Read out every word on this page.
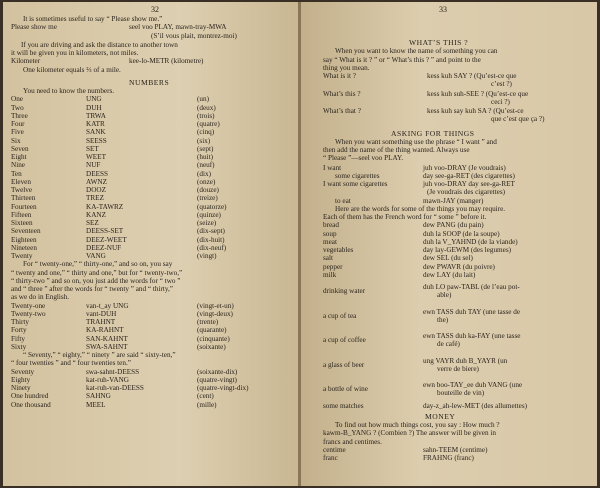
32
It is sometimes useful to say “ Please show me.”
Please show me	seel voo PLAY, mawn-tray-MWA
(S’il vous plait, montrez-moi)
If you are driving and ask the distance to another town
it will be given you in kilometers, not miles.
Kilometer	kee-lo-METR (kilometre)
One kilometer equals ⅔ of a mile.
NUMBERS
You need to know the numbers.
One	UNG	(un)
Two	DUH	(deux)
Three	TRWA	(trois)
Four	KATR	(quatre)
Five	SANK	(cinq)
Six	SEESS	(six)
Seven	SET	(sept)
Eight	WEET	(huit)
Nine	NUF	(neuf)
Ten	DEESS	(dix)
Eleven	AWNZ	(onze)
Twelve	DOOZ	(douze)
Thirteen	TREZ	(treize)
Fourteen	KA-TAWRZ	(quatorze)
Fifteen	KANZ	(quinze)
Sixteen	SEZ	(seize)
Seventeen	DEESS-SET	(dix-sept)
Eighteen	DEEZ-WEET	(dix-huit)
Nineteen	DEEZ-NUF	(dix-neuf)
Twenty	VANG	(vingt)
For “ twenty-one,” “ thirty-one,” and so on, you say
“ twenty and one,” “ thirty and one,” but for “ twenty-two,”
“ thirty-two ” and so on, you just add the words for “ two ”
and “ three ” after the words for “ twenty ” and “ thirty,”
as we do in English.
Twenty-one	van-t_ay UNG	(vingt-et-un)
Twenty-two	vant-DUH	(vingt-deux)
Thirty	TRAHNT	(trente)
Forty	KA-RAHNT	(quarante)
Fifty	SAN-KAHNT	(cinquante)
Sixty	SWA-SAHNT	(soixante)
“ Seventy,” “ eighty,” “ ninety ” are said “ sixty-ten,”
“ four twenties ” and “ four twenties ten.”
Seventy	swa-sahnt-DEESS	(soixante-dix)
Eighty	kat-ruh-VANG	(quatre-vingt)
Ninety	kat-ruh-van-DEESS	(quatre-vingt-dix)
One hundred	SAHNG	(cent)
One thousand	MEEL	(mille)
33
WHAT’S THIS ?
When you want to know the name of something you can
say “ What is it ? ” or “ What’s this ? ” and point to the
thing you mean.
What is it ?	kess kuh SAY ? (Qu’est-ce que
c’est ?)
What’s this ?	kess kuh suh-SEE ? (Qu’est-ce que
ceci ?)
What’s that ?	kess kuh say kuh SA ? (Qu’est-ce
que c’est que ça ?)
ASKING FOR THINGS
When you want something use the phrase “ I want ” and
then add the name of the thing wanted. Always use
“ Please ”—seel voo PLAY.
I want	juh voo-DRAY (Je voudrais)
some cigarettes	day see-ga-RET (des cigarettes)
I want some cigarettes	juh voo-DRAY day see-ga-RET
(Je voudrais des cigarettes)
to eat	mawn-JAY (manger)
Here are the words for some of the things you may require.
Each of them has the French word for “ some ” before it.
bread	dew PANG (du pain)
soup	duh la SOOP (de la soupe)
meat	duh la V_YAHND (de la viande)
vegetables	day lay-GEWM (des legumes)
salt	dew SEL (du sel)
pepper	dew PWAVR (du poivre)
milk	dew LAY (du lait)
drinking water	duh LO paw-TABL (de l’eau pot-
able)
a cup of tea	ewn TASS duh TAY (une tasse de
the)
a cup of coffee	ewn TASS duh ka-FAY (une tasse
de café)
a glass of beer	ung VAYR duh B_YAYR (un
verre de biere)
a bottle of wine	ewn boo-TAY_ee duh VANG (une
bouteille de vin)
some matches	day-z_ah-lew-MET (des allumettes)
MONEY
To find out how much things cost, you say : How much ?
kawm-B_YANG ? (Combien ?) The answer will be given in
francs and centimes.
centime	sahn-TEEM (centime)
franc	FRAHNG (franc)
